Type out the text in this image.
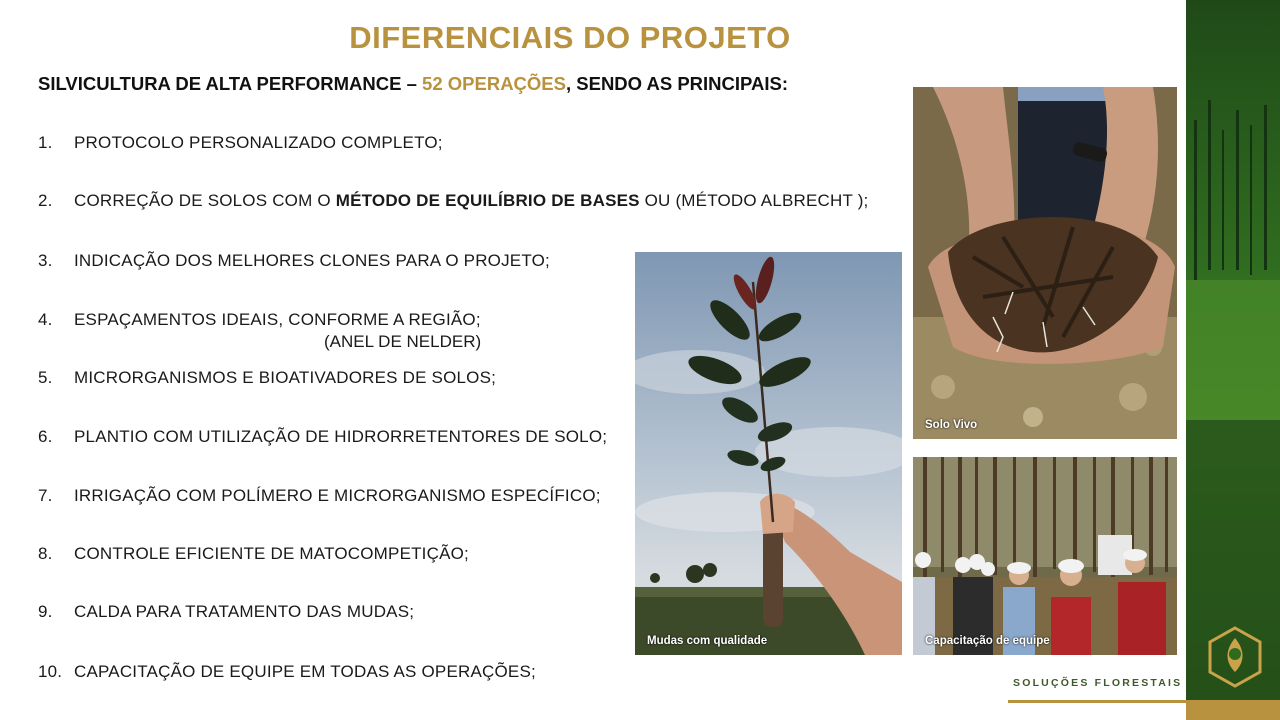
DIFERENCIAIS DO PROJETO
SILVICULTURA DE ALTA PERFORMANCE – 52 OPERAÇÕES, SENDO AS PRINCIPAIS:
1. PROTOCOLO PERSONALIZADO COMPLETO;
2. CORREÇÃO DE SOLOS COM O MÉTODO DE EQUILÍBRIO DE BASES OU (MÉTODO ALBRECHT );
3. INDICAÇÃO DOS MELHORES CLONES PARA O PROJETO;
4. ESPAÇAMENTOS IDEAIS, CONFORME A REGIÃO;
(ANEL DE NELDER)
5. MICRORGANISMOS E BIOATIVADORES DE SOLOS;
6. PLANTIO COM UTILIZAÇÃO DE HIDRORRETENTORES DE SOLO;
7. IRRIGAÇÃO COM POLÍMERO E MICRORGANISMO ESPECÍFICO;
8. CONTROLE EFICIENTE DE MATOCOMPETIÇÃO;
9. CALDA PARA TRATAMENTO DAS MUDAS;
10. CAPACITAÇÃO DE EQUIPE EM TODAS AS OPERAÇÕES;
Mudas com qualidade
Solo Vivo
Capacitação de equipe
SOLUÇÕES FLORESTAIS
